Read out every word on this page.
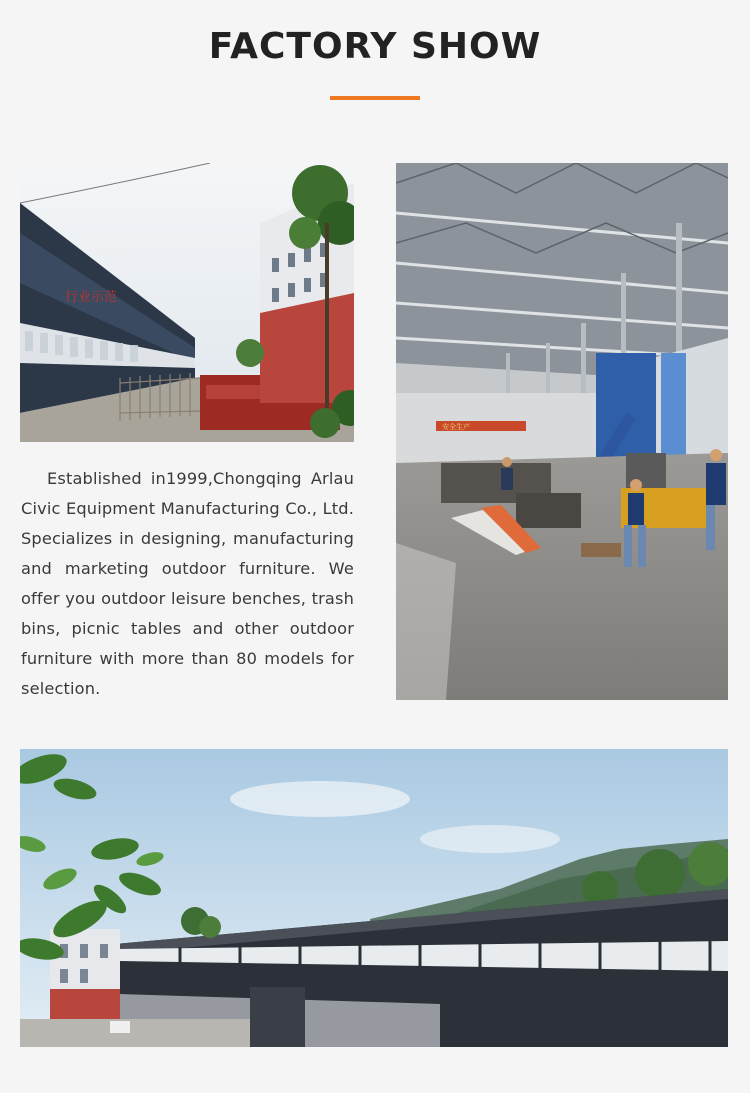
FACTORY SHOW
行业示范
安全生产

Established in1999,Chongqing Arlau Civic Equipment Manufacturing Co., Ltd. Specializes in designing, manufacturing and marketing outdoor furniture. We offer you outdoor leisure benches, trash bins, picnic tables and other outdoor furniture with more than 80 models for selection.
